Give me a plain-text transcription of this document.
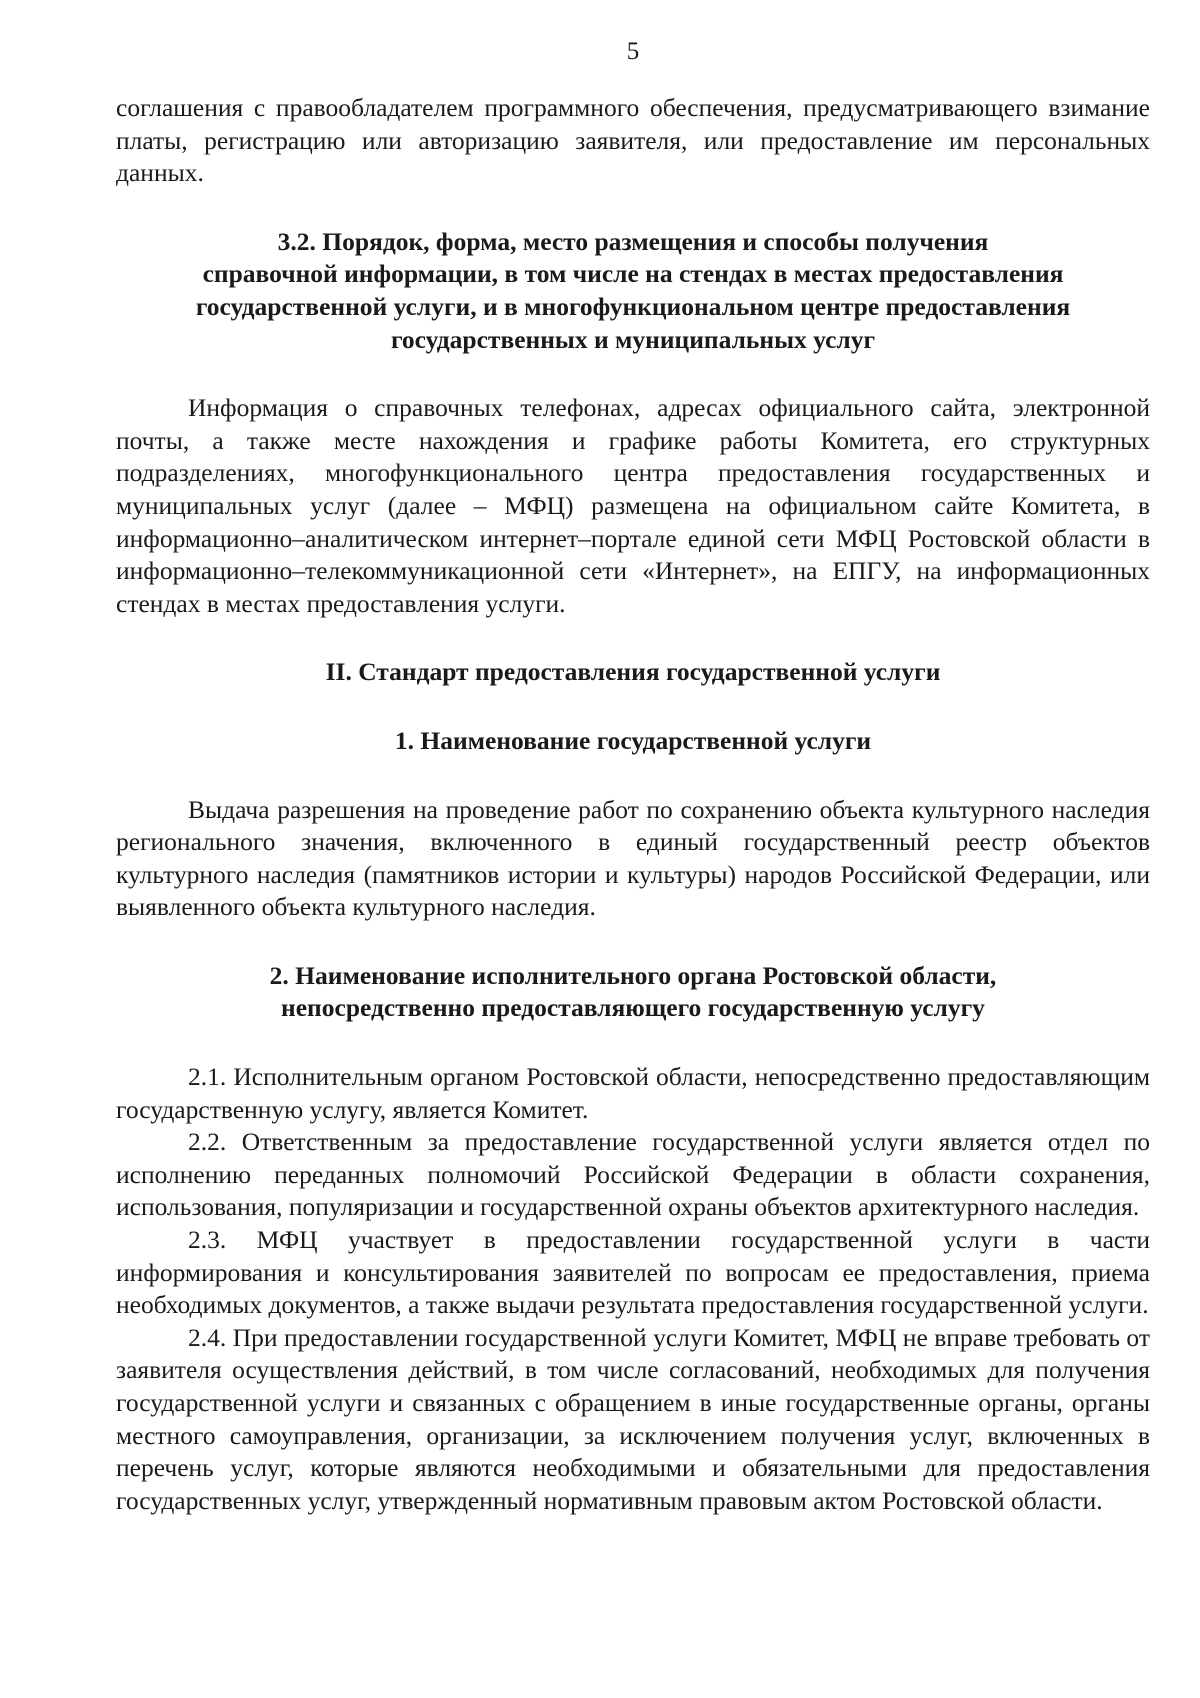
5

соглашения с правообладателем программного обеспечения, предусматривающего взимание платы, регистрацию или авторизацию заявителя, или предоставление им персональных данных.

3.2. Порядок, форма, место размещения и способы получения
справочной информации, в том числе на стендах в местах предоставления
государственной услуги, и в многофункциональном центре предоставления
государственных и муниципальных услуг

Информация о справочных телефонах, адресах официального сайта, электронной почты, а также месте нахождения и графике работы Комитета, его структурных подразделениях, многофункционального центра предоставления государственных и муниципальных услуг (далее – МФЦ) размещена на официальном сайте Комитета, в информационно–аналитическом интернет–портале единой сети МФЦ Ростовской области в информационно–телекоммуникационной сети «Интернет», на ЕПГУ, на информационных стендах в местах предоставления услуги.

II. Стандарт предоставления государственной услуги
1. Наименование государственной услуги

Выдача разрешения на проведение работ по сохранению объекта культурного наследия регионального значения, включенного в единый государственный реестр объектов культурного наследия (памятников истории и культуры) народов Российской Федерации, или выявленного объекта культурного наследия.

2. Наименование исполнительного органа Ростовской области,
непосредственно предоставляющего государственную услугу

2.1. Исполнительным органом Ростовской области, непосредственно предоставляющим государственную услугу, является Комитет.

2.2. Ответственным за предоставление государственной услуги является отдел по исполнению переданных полномочий Российской Федерации в области сохранения, использования, популяризации и государственной охраны объектов архитектурного наследия.

2.3. МФЦ участвует в предоставлении государственной услуги в части информирования и консультирования заявителей по вопросам ее предоставления, приема необходимых документов, а также выдачи результата предоставления государственной услуги.

2.4. При предоставлении государственной услуги Комитет, МФЦ не вправе требовать от заявителя осуществления действий, в том числе согласований, необходимых для получения государственной услуги и связанных с обращением в иные государственные органы, органы местного самоуправления, организации, за исключением получения услуг, включенных в перечень услуг, которые являются необходимыми и обязательными для предоставления государственных услуг, утвержденный нормативным правовым актом Ростовской области.
